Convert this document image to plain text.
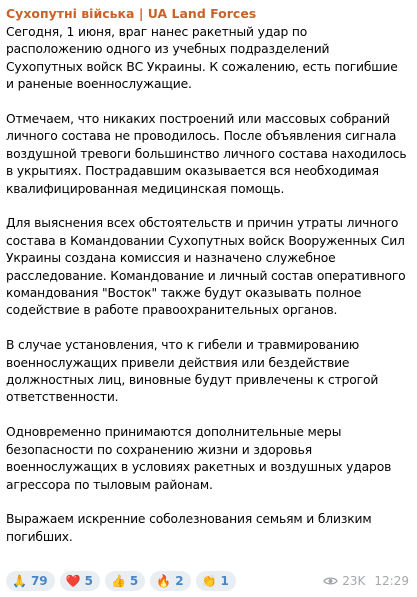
Сухопутні війська | UA Land Forces

Сегодня, 1 июня, враг нанес ракетный удар по расположению одного из учебных подразделений Сухопутных войск ВС Украины. К сожалению, есть погибшие и раненые военнослужащие.

Отмечаем, что никаких построений или массовых собраний личного состава не проводилось. После объявления сигнала воздушной тревоги большинство личного состава находилось в укрытиях. Пострадавшим оказывается вся необходимая квалифицированная медицинская помощь.

Для выяснения всех обстоятельств и причин утраты личного состава в Командовании Сухопутных войск Вооруженных Сил Украины создана комиссия и назначено служебное расследование. Командование и личный состав оперативного командования "Восток" также будут оказывать полное содействие в работе правоохранительных органов.

В случае установления, что к гибели и травмированию военнослужащих привели действия или бездействие должностных лиц, виновные будут привлечены к строгой ответственности.

Одновременно принимаются дополнительные меры безопасности по сохранению жизни и здоровья военнослужащих в условиях ракетных и воздушных ударов агрессора по тыловым районам.

Выражаем искренние соболезнования семьям и близким погибших.

🙏 79 ❤️ 5 👍 5 🔥 2 👏 1	23K 12:29
